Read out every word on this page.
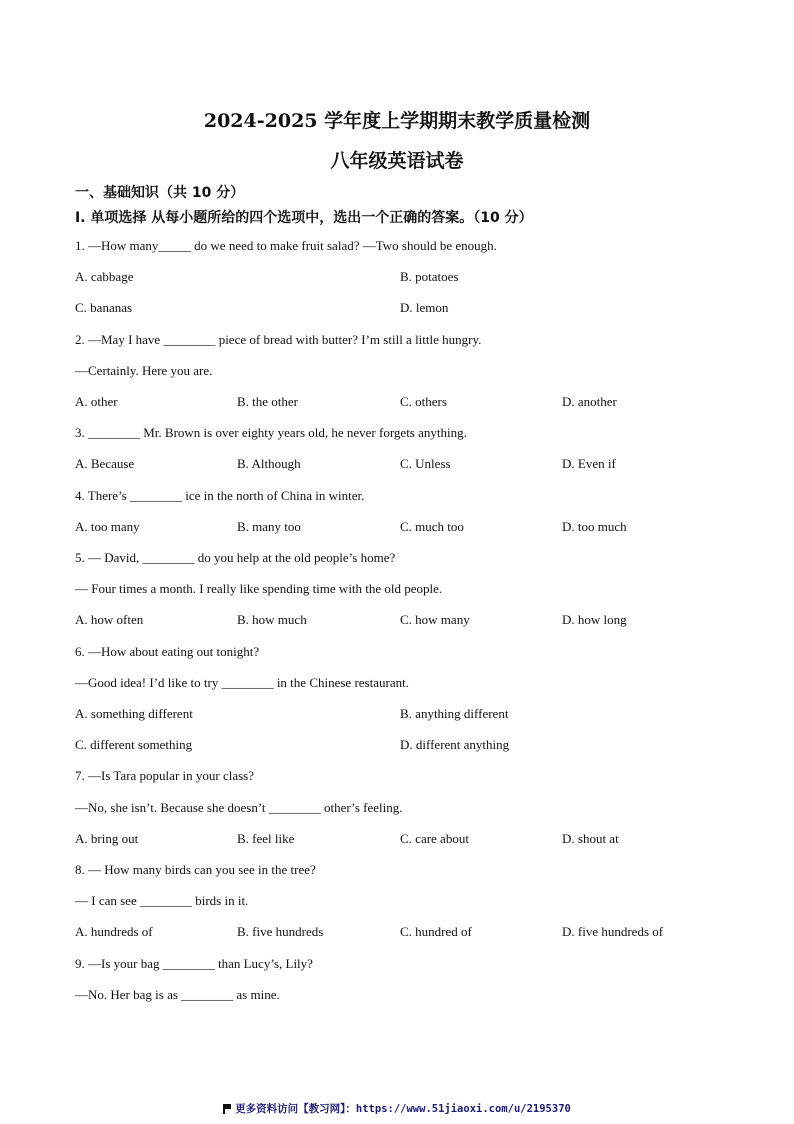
2024-2025 学年度上学期期末教学质量检测
八年级英语试卷
一、基础知识（共 10 分）
I. 单项选择 从每小题所给的四个选项中，选出一个正确的答案。（10 分）
1. —How many_____ do we need to make fruit salad? —Two should be enough.
A. cabbage	B. potatoes
C. bananas	D. lemon
2. —May I have ________ piece of bread with butter? I’m still a little hungry.
—Certainly. Here you are.
A. other	B. the other	C. others	D. another
3. ________ Mr. Brown is over eighty years old, he never forgets anything.
A. Because	B. Although	C. Unless	D. Even if
4. There’s ________ ice in the north of China in winter.
A. too many	B. many too	C. much too	D. too much
5. — David, ________ do you help at the old people’s home?
— Four times a month. I really like spending time with the old people.
A. how often	B. how much	C. how many	D. how long
6. —How about eating out tonight?
—Good idea! I’d like to try ________ in the Chinese restaurant.
A. something different	B. anything different
C. different something	D. different anything
7. —Is Tara popular in your class?
—No, she isn’t. Because she doesn’t ________ other’s feeling.
A. bring out	B. feel like	C. care about	D. shout at
8. — How many birds can you see in the tree?
— I can see ________ birds in it.
A. hundreds of	B. five hundreds	C. hundred of	D. five hundreds of
9. —Is your bag ________ than Lucy’s, Lily?
—No. Her bag is as ________ as mine.
更多资料访问【教习网】：https://www.51jiaoxi.com/u/2195370
